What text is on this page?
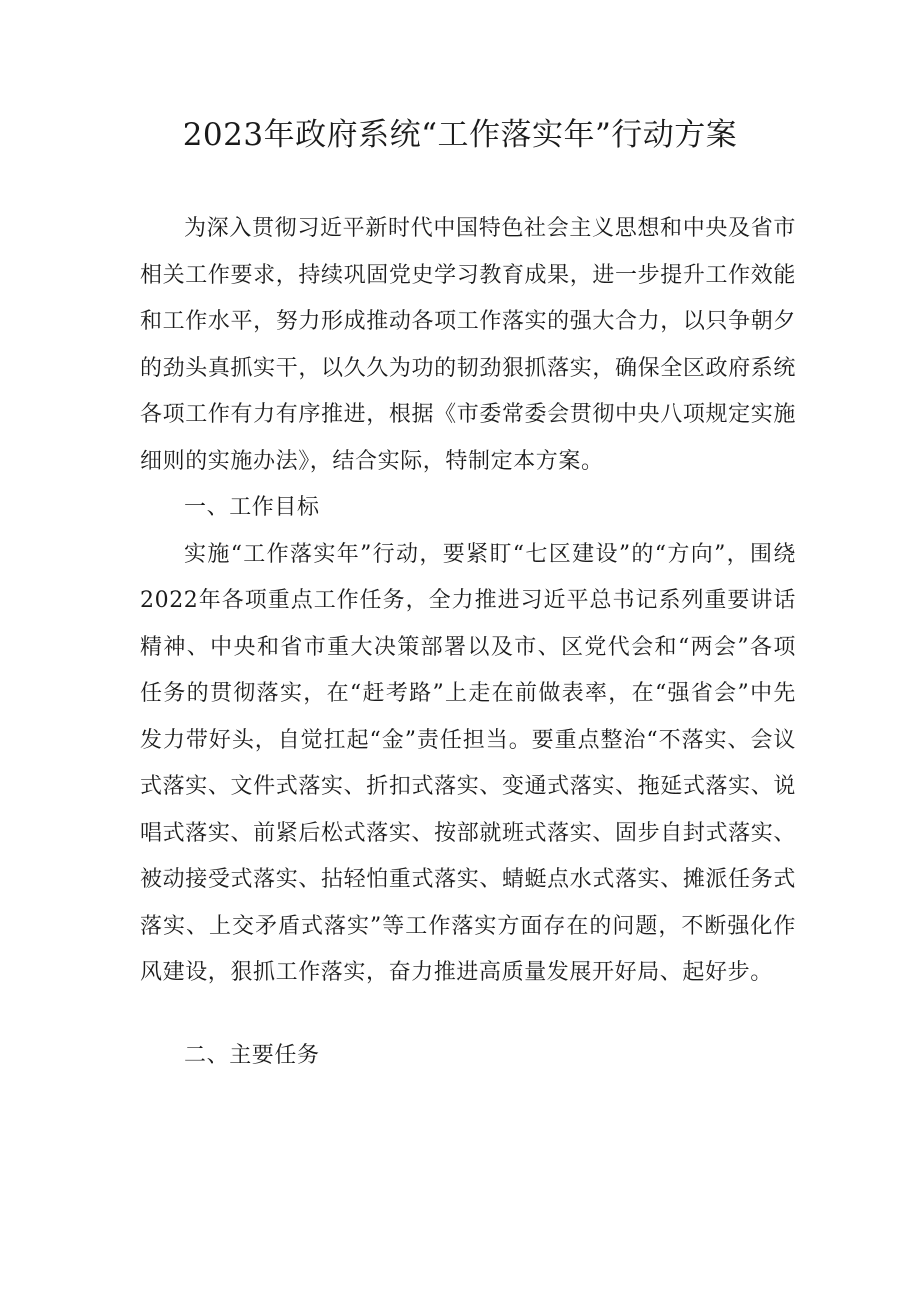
2023年政府系统“工作落实年”行动方案

为深入贯彻习近平新时代中国特色社会主义思想和中央及省市相关工作要求，持续巩固党史学习教育成果，进一步提升工作效能和工作水平，努力形成推动各项工作落实的强大合力，以只争朝夕的劲头真抓实干，以久久为功的韧劲狠抓落实，确保全区政府系统各项工作有力有序推进，根据《市委常委会贯彻中央八项规定实施细则的实施办法》，结合实际，特制定本方案。

一、工作目标

实施“工作落实年”行动，要紧盯“七区建设”的“方向”，围绕2022年各项重点工作任务，全力推进习近平总书记系列重要讲话精神、中央和省市重大决策部署以及市、区党代会和“两会”各项任务的贯彻落实，在“赶考路”上走在前做表率，在“强省会”中先发力带好头，自觉扛起“金”责任担当。要重点整治“不落实、会议式落实、文件式落实、折扣式落实、变通式落实、拖延式落实、说唱式落实、前紧后松式落实、按部就班式落实、固步自封式落实、被动接受式落实、拈轻怕重式落实、蜻蜓点水式落实、摊派任务式落实、上交矛盾式落实”等工作落实方面存在的问题，不断强化作风建设，狠抓工作落实，奋力推进高质量发展开好局、起好步。

二、主要任务
